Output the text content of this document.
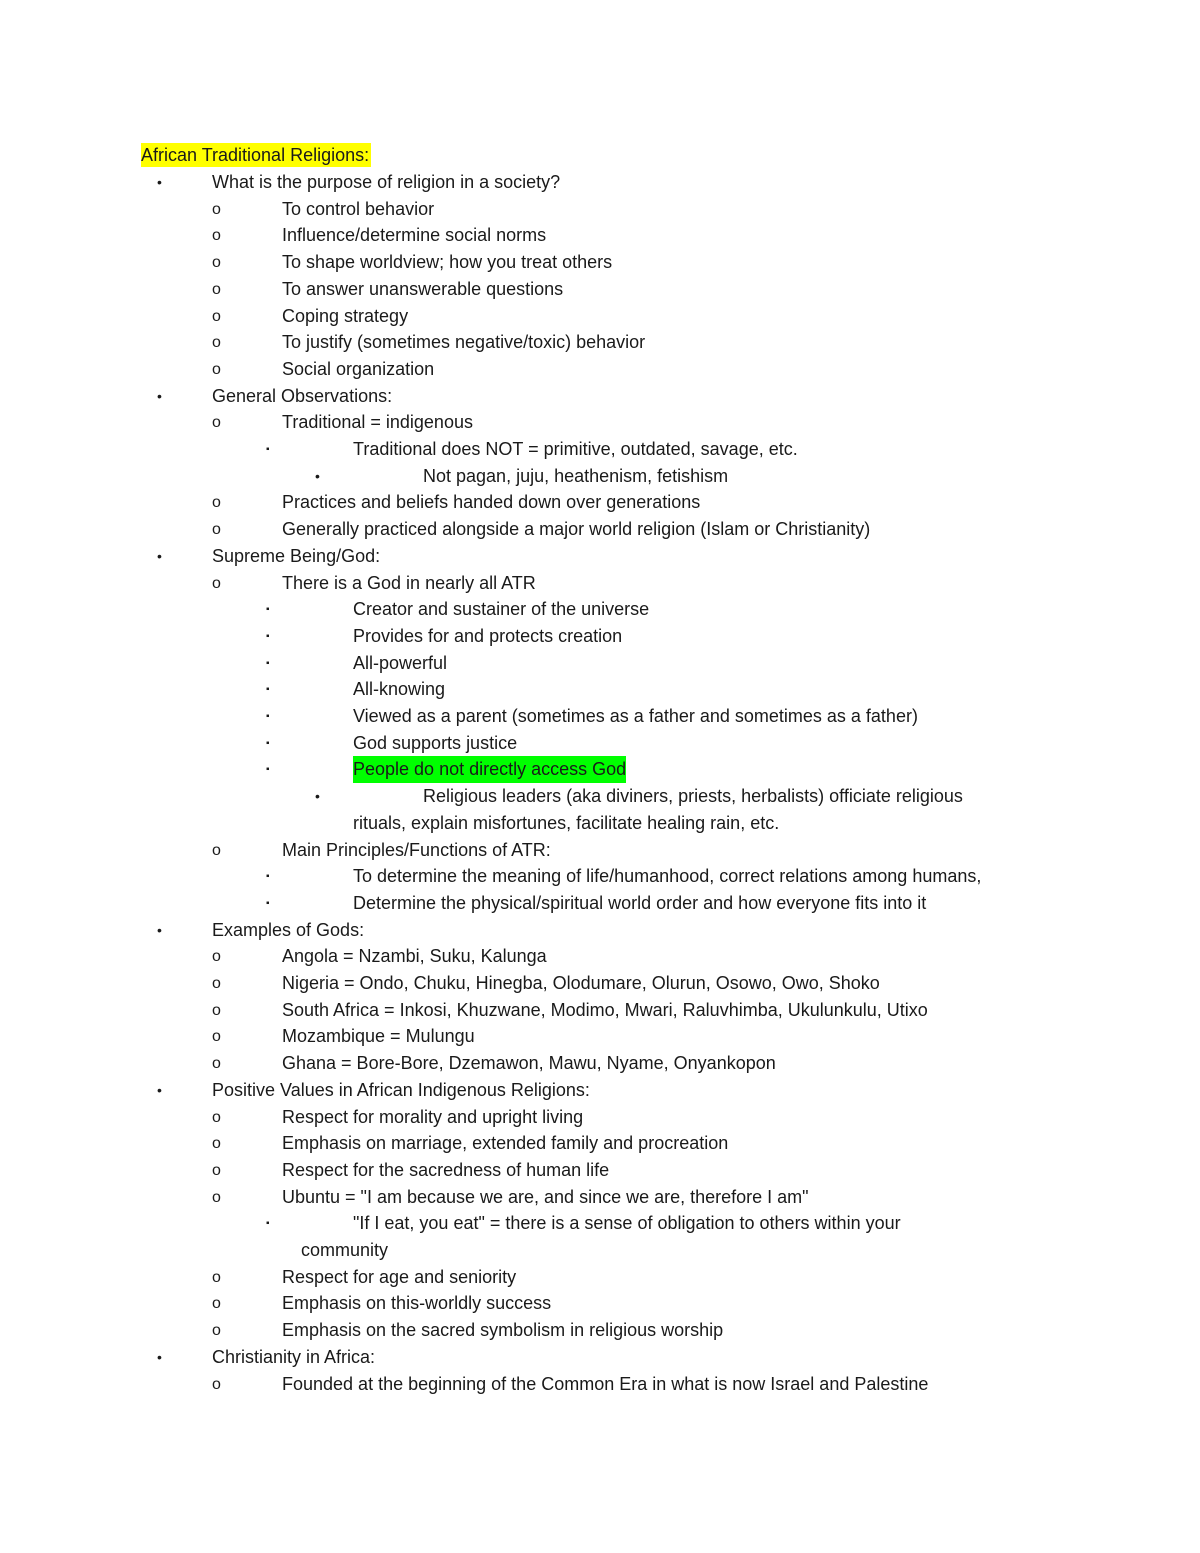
African Traditional Religions:
•	What is the purpose of religion in a society?
o	To control behavior
o	Influence/determine social norms
o	To shape worldview; how you treat others
o	To answer unanswerable questions
o	Coping strategy
o	To justify (sometimes negative/toxic) behavior
o	Social organization
•	General Observations:
o	Traditional = indigenous
▪	Traditional does NOT = primitive, outdated, savage, etc.
•	Not pagan, juju, heathenism, fetishism
o	Practices and beliefs handed down over generations
o	Generally practiced alongside a major world religion (Islam or Christianity)
•	Supreme Being/God:
o	There is a God in nearly all ATR
▪	Creator and sustainer of the universe
▪	Provides for and protects creation
▪	All-powerful
▪	All-knowing
▪	Viewed as a parent (sometimes as a father and sometimes as a father)
▪	God supports justice
▪	People do not directly access God
•	Religious leaders (aka diviners, priests, herbalists) officiate religious
rituals, explain misfortunes, facilitate healing rain, etc.
o	Main Principles/Functions of ATR:
▪	To determine the meaning of life/humanhood, correct relations among humans,
▪	Determine the physical/spiritual world order and how everyone fits into it
•	Examples of Gods:
o	Angola = Nzambi, Suku, Kalunga
o	Nigeria = Ondo, Chuku, Hinegba, Olodumare, Olurun, Osowo, Owo, Shoko
o	South Africa = Inkosi, Khuzwane, Modimo, Mwari, Raluvhimba, Ukulunkulu, Utixo
o	Mozambique = Mulungu
o	Ghana = Bore-Bore, Dzemawon, Mawu, Nyame, Onyankopon
•	Positive Values in African Indigenous Religions:
o	Respect for morality and upright living
o	Emphasis on marriage, extended family and procreation
o	Respect for the sacredness of human life
o	Ubuntu = "I am because we are, and since we are, therefore I am"
▪	"If I eat, you eat" = there is a sense of obligation to others within your
community
o	Respect for age and seniority
o	Emphasis on this-worldly success
o	Emphasis on the sacred symbolism in religious worship
•	Christianity in Africa:
o	Founded at the beginning of the Common Era in what is now Israel and Palestine
